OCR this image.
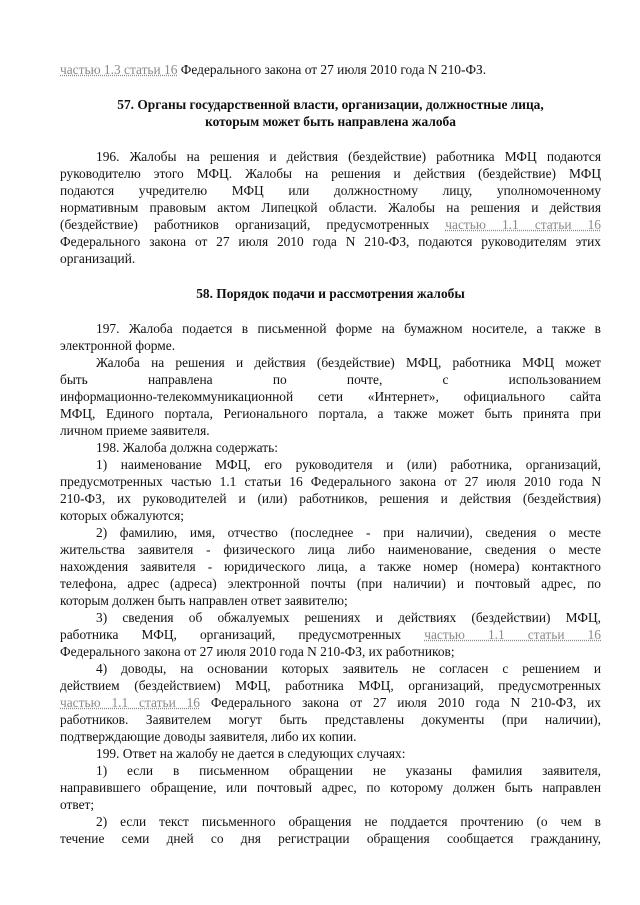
частью 1.3 статьи 16 Федерального закона от 27 июля 2010 года N 210-ФЗ.
57. Органы государственной власти, организации, должностные лица,
которым может быть направлена жалоба
196. Жалобы на решения и действия (бездействие) работника МФЦ подаются
руководителю этого МФЦ. Жалобы на решения и действия (бездействие) МФЦ
подаются учредителю МФЦ или должностному лицу, уполномоченному
нормативным правовым актом Липецкой области. Жалобы на решения и действия
(бездействие) работников организаций, предусмотренных частью 1.1 статьи 16
Федерального закона от 27 июля 2010 года N 210-ФЗ, подаются руководителям этих
организаций.
58. Порядок подачи и рассмотрения жалобы
197. Жалоба подается в письменной форме на бумажном носителе, а также в
электронной форме.
Жалоба на решения и действия (бездействие) МФЦ, работника МФЦ может
быть направлена по почте, с использованием
информационно-телекоммуникационной сети «Интернет», официального сайта
МФЦ, Единого портала, Регионального портала, а также может быть принята при
личном приеме заявителя.
198. Жалоба должна содержать:
1) наименование МФЦ, его руководителя и (или) работника, организаций,
предусмотренных частью 1.1 статьи 16 Федерального закона от 27 июля 2010 года N
210-ФЗ, их руководителей и (или) работников, решения и действия (бездействия)
которых обжалуются;
2) фамилию, имя, отчество (последнее - при наличии), сведения о месте
жительства заявителя - физического лица либо наименование, сведения о месте
нахождения заявителя - юридического лица, а также номер (номера) контактного
телефона, адрес (адреса) электронной почты (при наличии) и почтовый адрес, по
которым должен быть направлен ответ заявителю;
3) сведения об обжалуемых решениях и действиях (бездействии) МФЦ,
работника МФЦ, организаций, предусмотренных частью 1.1 статьи 16
Федерального закона от 27 июля 2010 года N 210-ФЗ, их работников;
4) доводы, на основании которых заявитель не согласен с решением и
действием (бездействием) МФЦ, работника МФЦ, организаций, предусмотренных
частью 1.1 статьи 16 Федерального закона от 27 июля 2010 года N 210-ФЗ, их
работников. Заявителем могут быть представлены документы (при наличии),
подтверждающие доводы заявителя, либо их копии.
199. Ответ на жалобу не дается в следующих случаях:
1) если в письменном обращении не указаны фамилия заявителя,
направившего обращение, или почтовый адрес, по которому должен быть направлен
ответ;
2) если текст письменного обращения не поддается прочтению (о чем в
течение семи дней со дня регистрации обращения сообщается гражданину,
